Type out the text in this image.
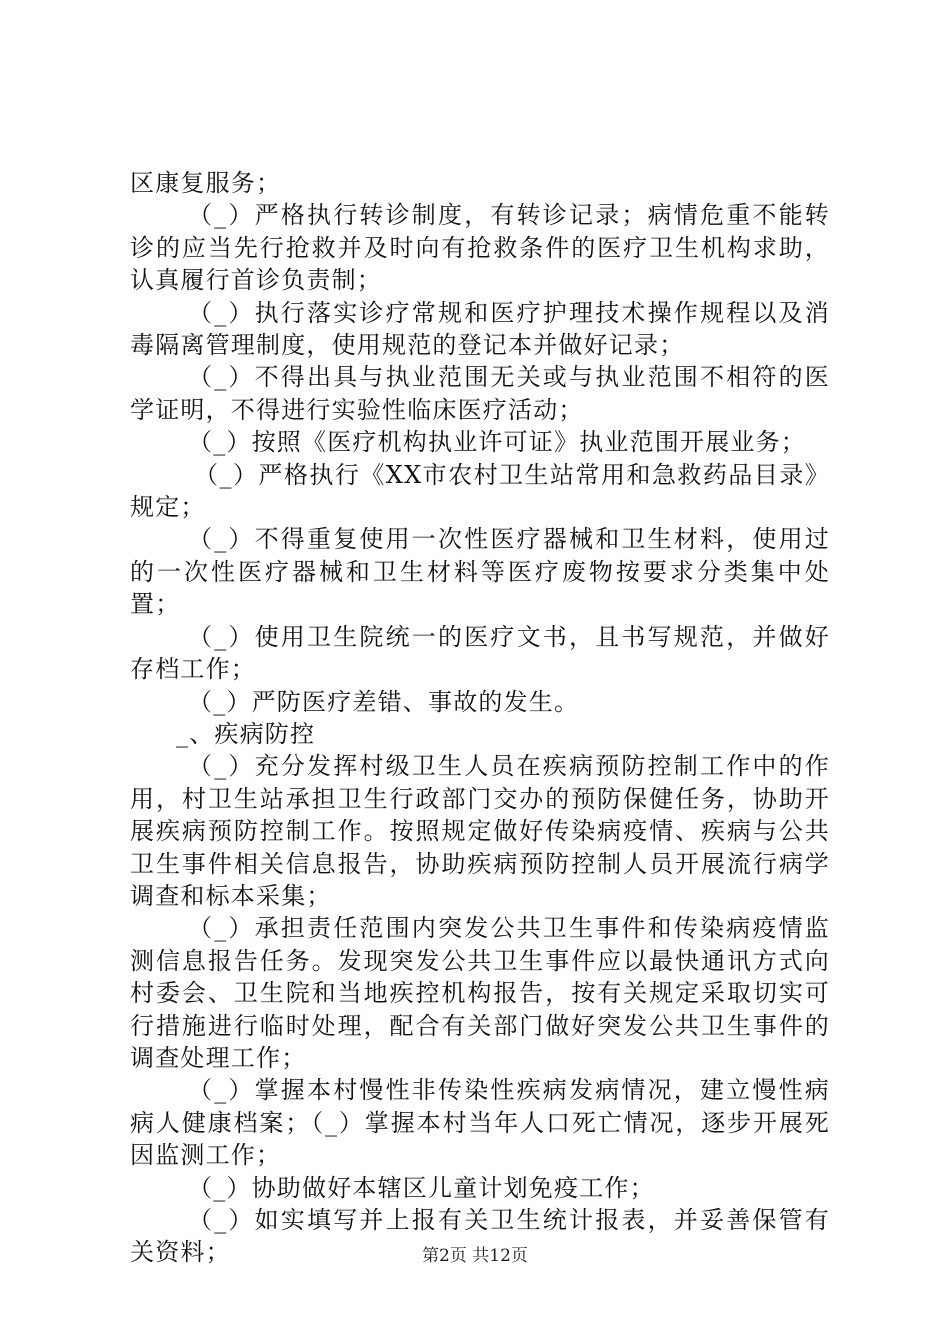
区康复服务；

（_）严格执行转诊制度，有转诊记录；病情危重不能转诊的应当先行抢救并及时向有抢救条件的医疗卫生机构求助，认真履行首诊负责制；

（_）执行落实诊疗常规和医疗护理技术操作规程以及消毒隔离管理制度，使用规范的登记本并做好记录；

（_）不得出具与执业范围无关或与执业范围不相符的医学证明，不得进行实验性临床医疗活动；

（_）按照《医疗机构执业许可证》执业范围开展业务；

（_）严格执行《XX市农村卫生站常用和急救药品目录》规定；

（_）不得重复使用一次性医疗器械和卫生材料，使用过的一次性医疗器械和卫生材料等医疗废物按要求分类集中处置；

（_）使用卫生院统一的医疗文书，且书写规范，并做好存档工作；

（_）严防医疗差错、事故的发生。

_、疾病防控

（_）充分发挥村级卫生人员在疾病预防控制工作中的作用，村卫生站承担卫生行政部门交办的预防保健任务，协助开展疾病预防控制工作。按照规定做好传染病疫情、疾病与公共卫生事件相关信息报告，协助疾病预防控制人员开展流行病学调查和标本采集；

（_）承担责任范围内突发公共卫生事件和传染病疫情监测信息报告任务。发现突发公共卫生事件应以最快通讯方式向村委会、卫生院和当地疾控机构报告，按有关规定采取切实可行措施进行临时处理，配合有关部门做好突发公共卫生事件的调查处理工作；

（_）掌握本村慢性非传染性疾病发病情况，建立慢性病病人健康档案；（_）掌握本村当年人口死亡情况，逐步开展死因监测工作；

（_）协助做好本辖区儿童计划免疫工作；

（_）如实填写并上报有关卫生统计报表，并妥善保管有关资料；	第2页 共12页
